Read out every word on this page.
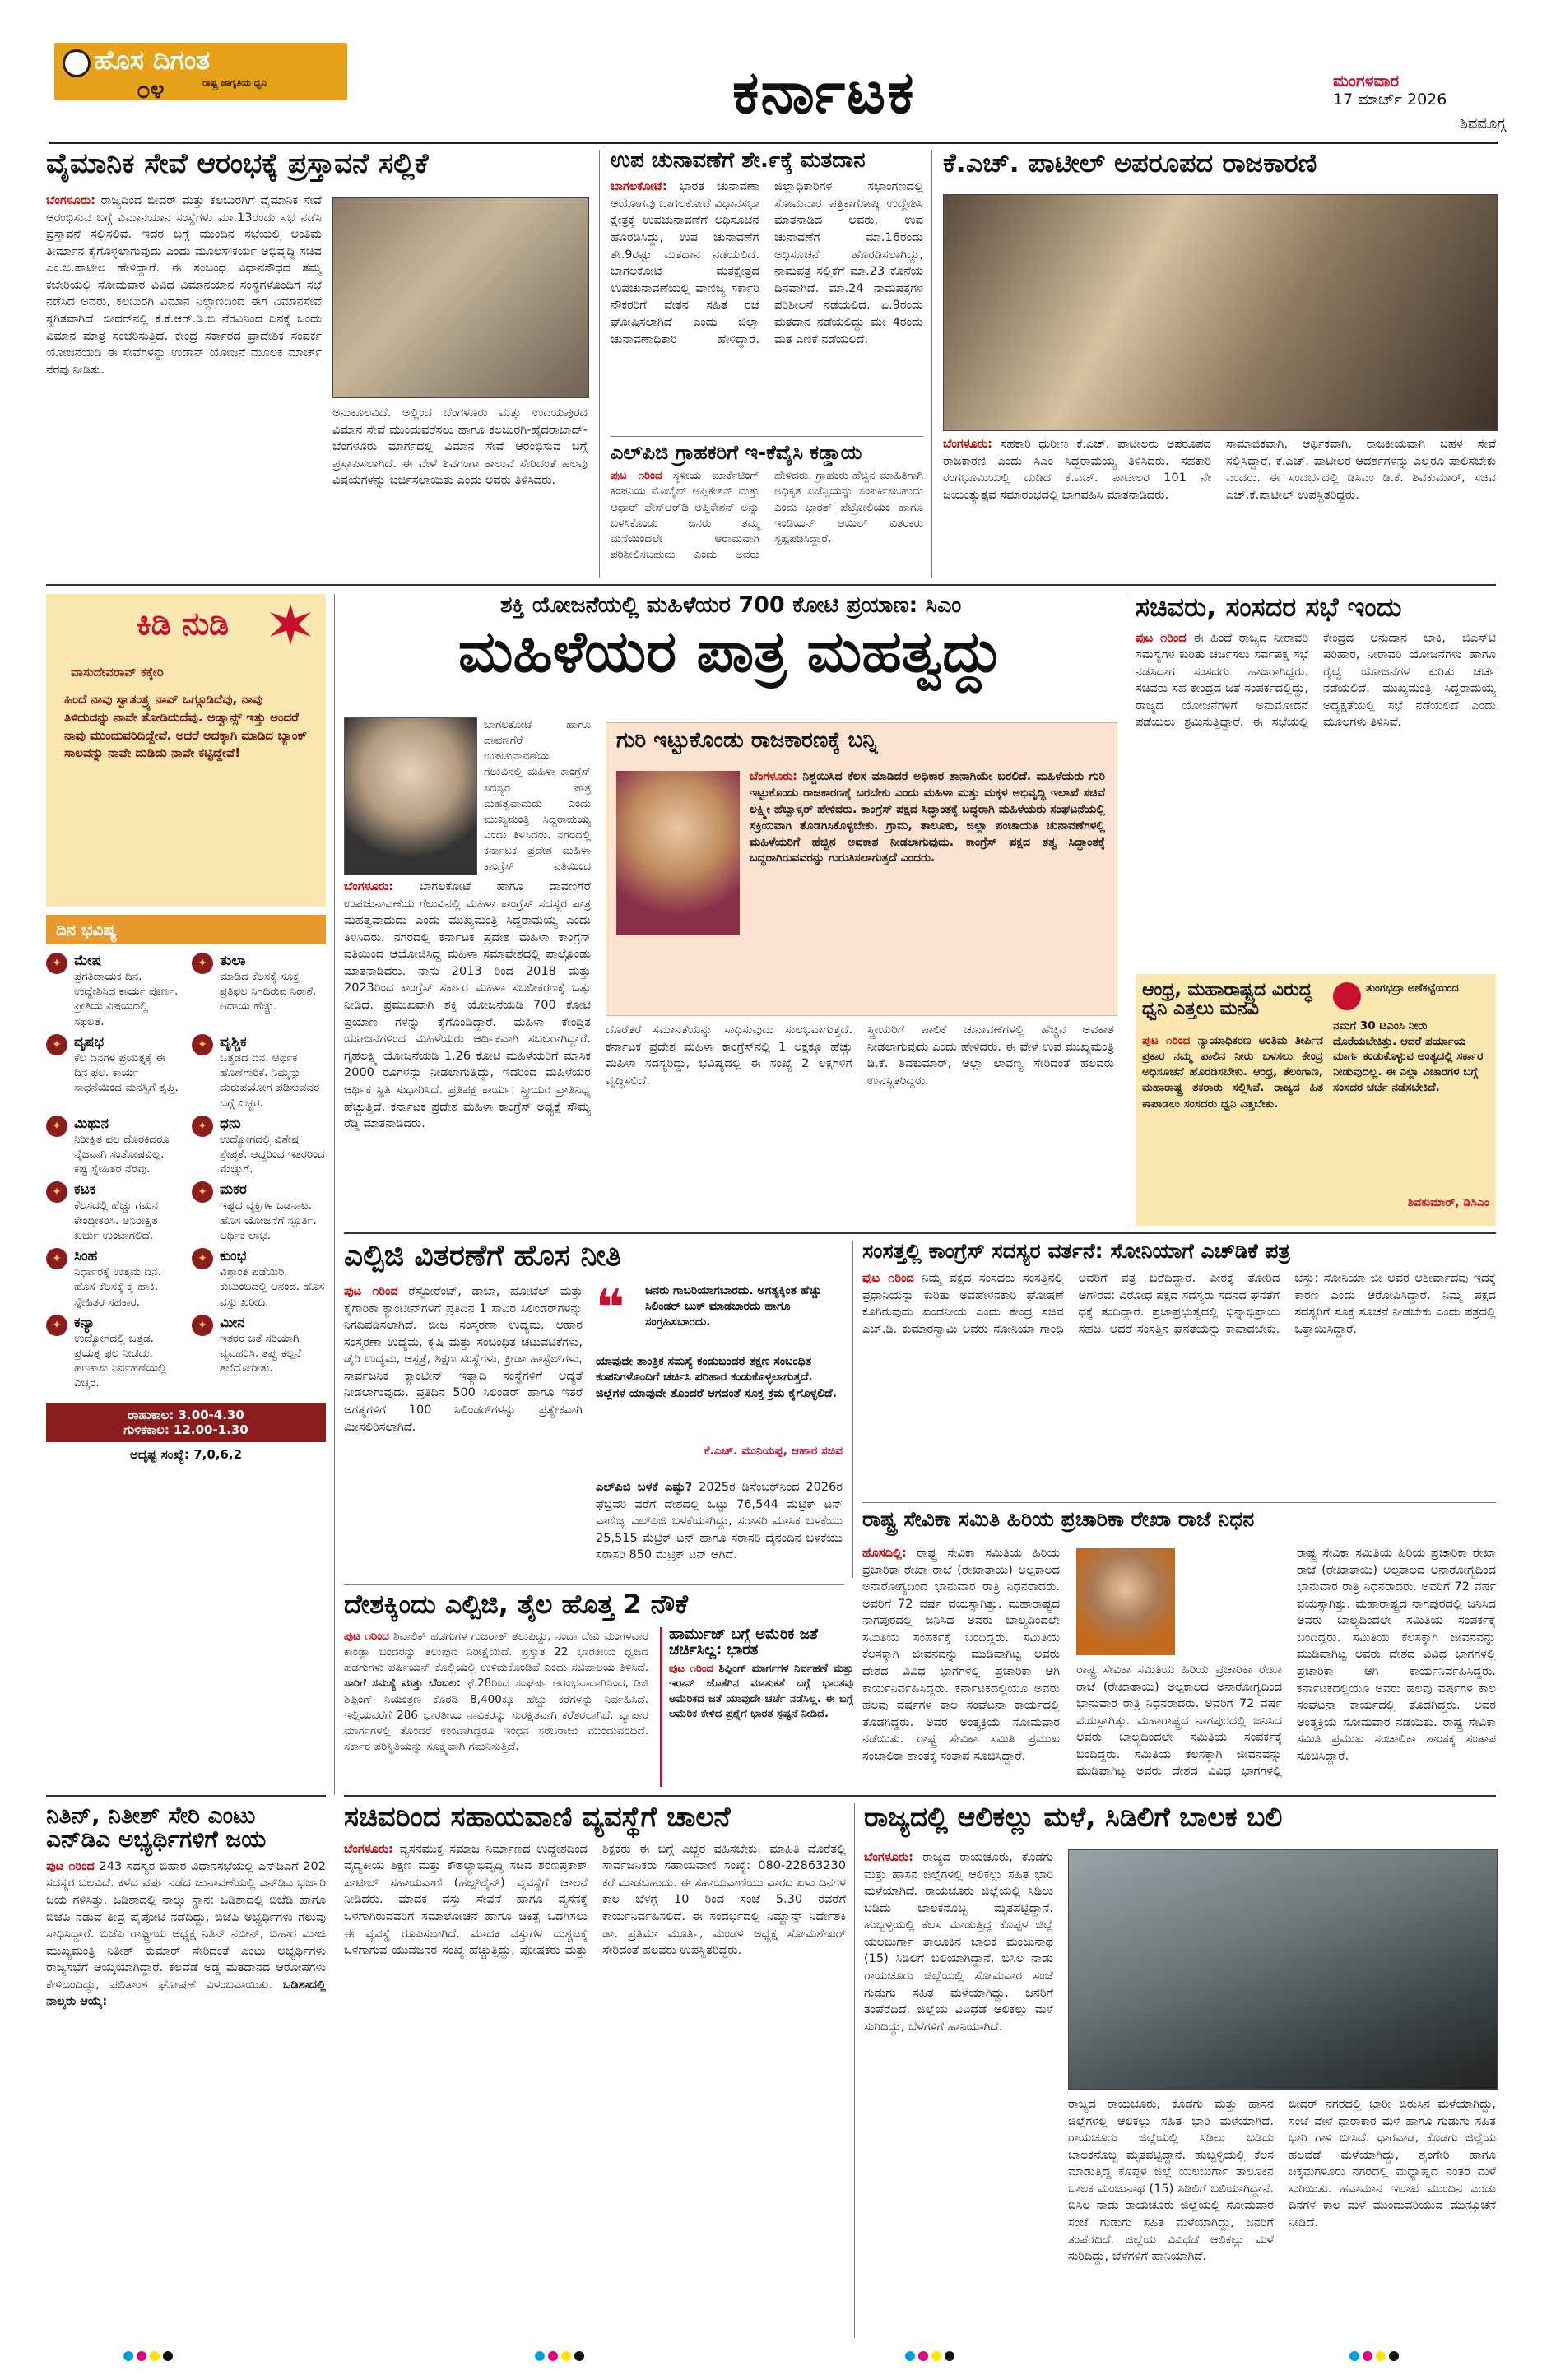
ಹೊಸ ದಿಗಂತ
ರಾಷ್ಟ್ರ ಜಾಗೃತಿಯ ಧ್ವನಿ
೦೪	ಕರ್ನಾಟಕ	ಮಂಗಳವಾರ
17 ಮಾರ್ಚ್ 2026
ಶಿವಮೊಗ್ಗ
ವೈಮಾನಿಕ ಸೇವೆ ಆರಂಭಕ್ಕೆ ಪ್ರಸ್ತಾವನೆ ಸಲ್ಲಿಕೆ
ಬೆಂಗಳೂರು: ರಾಜ್ಯದಿಂದ ಬೀದರ್ ಮತ್ತು ಕಲಬುರಗಿಗೆ ವೈಮಾನಿಕ ಸೇವೆ ಆರಂಭಿಸುವ ಬಗ್ಗೆ ವಿಮಾನಯಾನ ಸಂಸ್ಥೆಗಳು ಮಾ.13ರಂದು ಸಭೆ ನಡೆಸಿ ಪ್ರಸ್ತಾವನೆ ಸಲ್ಲಿಸಲಿವೆ. ಇದರ ಬಗ್ಗೆ ಮುಂದಿನ ಸಭೆಯಲ್ಲಿ ಅಂತಿಮ ತೀರ್ಮಾನ ಕೈಗೊಳ್ಳಲಾಗುವುದು ಎಂದು ಮೂಲಸೌಕರ್ಯ ಅಭಿವೃದ್ಧಿ ಸಚಿವ ಎಂ.ಬಿ.ಪಾಟೀಲ ಹೇಳಿದ್ದಾರೆ. ಈ ಸಂಬಂಧ ವಿಧಾನಸೌಧದ ತಮ್ಮ ಕಚೇರಿಯಲ್ಲಿ ಸೋಮವಾರ ವಿವಿಧ ವಿಮಾನಯಾನ ಸಂಸ್ಥೆಗಳೊಂದಿಗೆ ಸಭೆ ನಡೆಸಿದ ಅವರು, ಕಲಬುರಗಿ ವಿಮಾನ ನಿಲ್ದಾಣದಿಂದ ಈಗ ವಿಮಾನಸೇವೆ ಸ್ಥಗಿತವಾಗಿದೆ. ಬೀದರ್‌ನಲ್ಲಿ ಕೆ.ಕೆ.ಆರ್.ಡಿ.ಬಿ ನೆರವಿನಿಂದ ದಿನಕ್ಕೆ ಒಂದು ವಿಮಾನ ಮಾತ್ರ ಸಂಚರಿಸುತ್ತಿದೆ. ಕೇಂದ್ರ ಸರ್ಕಾರದ ಪ್ರಾದೇಶಿಕ ಸಂಪರ್ಕ ಯೋಜನೆಯಡಿ ಈ ಸೇವೆಗಳನ್ನು ಉಡಾನ್ ಯೋಜನೆ ಮೂಲಕ ಮಾರ್ಚ್ ನೆರವು ನೀಡಿತು.
ಅನುಕೂಲವಿದೆ. ಅಲ್ಲಿಂದ ಬೆಂಗಳೂರು ಮತ್ತು ಉದಯಪುರದ ವಿಮಾನ ಸೇವೆ ಮುಂದುವರೆಸಲು ಹಾಗೂ ಕಲಬುರಗಿ-ಹೈದರಾಬಾದ್-ಬೆಂಗಳೂರು ಮಾರ್ಗದಲ್ಲಿ ವಿಮಾನ ಸೇವೆ ಆರಂಭಿಸುವ ಬಗ್ಗೆ ಪ್ರಸ್ತಾಪಿಸಲಾಗಿದೆ. ಈ ವೇಳೆ ಶಿವಗಂಗಾ ಕಾಲುವೆ ಸೇರಿದಂತೆ ಹಲವು ವಿಷಯಗಳನ್ನು ಚರ್ಚಿಸಲಾಯಿತು ಎಂದು ಅವರು ತಿಳಿಸಿದರು.
ಉಪ ಚುನಾವಣೆಗೆ ಶೇ.೯ಕ್ಕೆ ಮತದಾನ
ಬಾಗಲಕೋಟೆ: ಭಾರತ ಚುನಾವಣಾ ಆಯೋಗವು ಬಾಗಲಕೋಟೆ ವಿಧಾನಸಭಾ ಕ್ಷೇತ್ರಕ್ಕೆ ಉಪಚುನಾವಣೆಗೆ ಅಧಿಸೂಚನೆ ಹೊರಡಿಸಿದ್ದು, ಉಪ ಚುನಾವಣೆಗೆ ಶೇ.9ರಷ್ಟು ಮತದಾನ ನಡೆಯಲಿದೆ. ಬಾಗಲಕೋಟೆ ಮತಕ್ಷೇತ್ರದ ಉಪಚುನಾವಣೆಯಲ್ಲಿ ವಾಣಿಜ್ಯ ಸರ್ಕಾರಿ ನೌಕರರಿಗೆ ವೇತನ ಸಹಿತ ರಜೆ ಘೋಷಿಸಲಾಗಿದೆ ಎಂದು ಜಿಲ್ಲಾ ಚುನಾವಣಾಧಿಕಾರಿ ಹೇಳಿದ್ದಾರೆ. ಜಿಲ್ಲಾಧಿಕಾರಿಗಳ ಸಭಾಂಗಣದಲ್ಲಿ ಸೋಮವಾರ ಪತ್ರಿಕಾಗೋಷ್ಠಿ ಉದ್ದೇಶಿಸಿ ಮಾತನಾಡಿದ ಅವರು, ಉಪ ಚುನಾವಣೆಗೆ ಮಾ.16ರಂದು ಅಧಿಸೂಚನೆ ಹೊರಡಿಸಲಾಗಿದ್ದು, ನಾಮಪತ್ರ ಸಲ್ಲಿಕೆಗೆ ಮಾ.23 ಕೊನೆಯ ದಿನವಾಗಿದೆ. ಮಾ.24 ನಾಮಪತ್ರಗಳ ಪರಿಶೀಲನೆ ನಡೆಯಲಿದೆ. ಏ.9ರಂದು ಮತದಾನ ನಡೆಯಲಿದ್ದು ಮೇ 4ರಂದು ಮತ ಎಣಿಕೆ ನಡೆಯಲಿದೆ.
ಎಲ್‌ಪಿಜಿ ಗ್ರಾಹಕರಿಗೆ ಇ-ಕೆವೈಸಿ ಕಡ್ಡಾಯ
ಪುಟ ೧ರಿಂದ ಸ್ಥಳೀಯ ಮಾರ್ಕೆಟಿಂಗ್ ಕಂಪನಿಯ ಮೊಬೈಲ್ ಆಪ್ಲಿಕೇಶನ್ ಮತ್ತು ಆಧಾರ್ ಫೇಸ್‌ಆರ್‌ಡಿ ಆಪ್ಲಿಕೇಶನ್ ಅನ್ನು ಬಳಸಿಕೊಂಡು ಜನರು ತಮ್ಮ ಮನೆಯಿಂದಲೇ ಆರಾಮವಾಗಿ ಪರಿಶೀಲಿಸಬಹುದು ಎಂದು ಅವರು ಹೇಳಿದರು. ಗ್ರಾಹಕರು ಹೆಚ್ಚಿನ ಮಾಹಿತಿಗಾಗಿ ಅಧಿಕೃತ ಏಜೆನ್ಸಿಯನ್ನು ಸಂಪರ್ಕಿಸಬಹುದು ಎಂದು ಭಾರತ್ ಪೆಟ್ರೋಲಿಯಂ ಹಾಗೂ ಇಂಡಿಯನ್ ಆಯಿಲ್ ವಿತರಕರು ಸ್ಪಷ್ಟಪಡಿಸಿದ್ದಾರೆ.
ಕೆ.ಎಚ್. ಪಾಟೀಲ್ ಅಪರೂಪದ ರಾಜಕಾರಣಿ
ಬೆಂಗಳೂರು: ಸಹಕಾರಿ ಧುರೀಣ ಕೆ.ಎಚ್. ಪಾಟೀಲರು ಅಪರೂಪದ ರಾಜಕಾರಣಿ ಎಂದು ಸಿಎಂ ಸಿದ್ದರಾಮಯ್ಯ ತಿಳಿಸಿದರು. ಸಹಕಾರಿ ರಂಗಭೂಮಿಯಲ್ಲಿ ದುಡಿದ ಕೆ.ಎಚ್. ಪಾಟೀಲರ 101 ನೇ ಜಯಂತ್ಯುತ್ಸವ ಸಮಾರಂಭದಲ್ಲಿ ಭಾಗವಹಿಸಿ ಮಾತನಾಡಿದರು.
ಸಾಮಾಜಿಕವಾಗಿ, ಆರ್ಥಿಕವಾಗಿ, ರಾಜಕೀಯವಾಗಿ ಬಹಳ ಸೇವೆ ಸಲ್ಲಿಸಿದ್ದಾರೆ. ಕೆ.ಎಚ್. ಪಾಟೀಲರ ಆದರ್ಶಗಳನ್ನು ಎಲ್ಲರೂ ಪಾಲಿಸಬೇಕು ಎಂದರು. ಈ ಸಂದರ್ಭದಲ್ಲಿ ಡಿಸಿಎಂ ಡಿ.ಕೆ. ಶಿವಕುಮಾರ್, ಸಚಿವ ಎಚ್.ಕೆ.ಪಾಟೀಲ್ ಉಪಸ್ಥಿತರಿದ್ದರು.
ಕಿಡಿ ನುಡಿ
ವಾಸುದೇವರಾವ್ ಕಕ್ಕೇರಿ
ಹಿಂದೆ ನಾವು ಸ್ವಾತಂತ್ರ್ಯ ನಾವ್ ಒಗ್ಗೂಡಿದೆವು, ನಾವು ತಿಳಿದುದನ್ನು ನಾವೇ ತೋಡಿದುದೆವು. ಅಡ್ವಾನ್ಸ್ ಇತ್ತು ಅಂದರೆ ನಾವು ಮುಂದುವರಿದಿದ್ದೇವೆ. ಅದರೆ ಅದಕ್ಕಾಗಿ ಮಾಡಿದ ಬ್ಯಾಂಕ್ ಸಾಲವನ್ನು ನಾವೇ ದುಡಿದು ನಾವೇ ಕಟ್ಟಿದ್ದೇವೆ!
ದಿನ ಭವಿಷ್ಯ
✦ ಮೇಷ
ಪ್ರಗತಿದಾಯಕ ದಿನ. ಉದ್ದೇಶಿಸಿದ ಕಾರ್ಯ ಪೂರ್ಣ. ಪ್ರೀತಿಯ ವಿಷಯದಲ್ಲಿ ಸಫಲತೆ.
✦ ತುಲಾ
ಮಾಡಿದ ಕೆಲಸಕ್ಕೆ ಸೂಕ್ತ ಪ್ರತಿಫಲ ಸಿಗದಿರುವ ನಿರಾಶೆ. ಆದಾಯ ಹೆಚ್ಚು.
✦ ವೃಷಭ
ಕೆಲ ದಿನಗಳ ಪ್ರಯತ್ನಕ್ಕೆ ಈ ದಿನ ಫಲ. ಕಾರ್ಯ ಸಾಧನೆಯಿಂದ ಮನಸ್ಸಿಗೆ ತೃಪ್ತಿ.
✦ ವೃಶ್ಚಿಕ
ಒತ್ತಡದ ದಿನ. ಆರ್ಥಿಕ ಹೊಣೆಗಾರಿಕೆ. ನಿಮ್ಮನ್ನು ದುರುಪಯೋಗ ಪಡಿಸುವವರ ಬಗ್ಗೆ ಎಚ್ಚರ.
✦ ಮಿಥುನ
ನಿರೀಕ್ಷಿತ ಫಲ ದೊರಕಿದರೂ ನೈಜವಾಗಿ ಸಂತೋಷವಿಲ್ಲ. ಕಷ್ಟ ಸ್ನೇಹಿತರ ನೆರವು.
✦ ಧನು
ಉದ್ಯೋಗದಲ್ಲಿ ವಿಶೇಷ ಶ್ರೇಷ್ಠತೆ. ಆದ್ದರಿಂದ ಇತರರಿಂದ ಮೆಚ್ಚುಗೆ.
✦ ಕಟಕ
ಕೆಲಸದಲ್ಲಿ ಹೆಚ್ಚು ಗಮನ ಕೇಂದ್ರೀಕರಿಸಿ. ಅನಿರೀಕ್ಷಿತ ಖರ್ಚು ಉಂಟಾಗಲಿದೆ.
✦ ಮಕರ
ಇಷ್ಟದ ವ್ಯಕ್ತಿಗಳ ಒಡನಾಟ. ಹೊಸ ಯೋಜನೆಗೆ ಸ್ಫೂರ್ತಿ. ಆರ್ಥಿಕ ಲಾಭ.
✦ ಸಿಂಹ
ನಿರ್ಧಾರಕ್ಕೆ ಉತ್ತಮ ದಿನ. ಹೊಸ ಕೆಲಸಕ್ಕೆ ಕೈ ಹಾಕಿ. ಸ್ನೇಹಿತರ ಸಹಕಾರ.
✦ ಕುಂಭ
ವಿಶ್ರಾಂತಿ ಪಡೆಯಿರಿ. ಕುಟುಂಬದಲ್ಲಿ ಆನಂದ. ಹೊಸ ವಸ್ತು ಖರೀದಿ.
✦ ಕನ್ಯಾ
ಉದ್ಯೋಗದಲ್ಲಿ ಒತ್ತಡ. ಪ್ರಯತ್ನ ಫಲ ನೀಡದು. ಹಣಕಾಸು ನಿರ್ವಹಣೆಯಲ್ಲಿ ಎಚ್ಚರ.
✦ ಮೀನ
ಇತರರ ಜತೆ ಸರಿಯಾಗಿ ವ್ಯವಹರಿಸಿ. ತಪ್ಪು ಕಲ್ಪನೆ ತಲೆದೋರೀತು.
ರಾಹುಕಾಲ: 3.00-4.30
ಗುಳಿಕಕಾಲ: 12.00-1.30
ಅದೃಷ್ಟ ಸಂಖ್ಯೆ: 7,0,6,2
ಶಕ್ತಿ ಯೋಜನೆಯಲ್ಲಿ ಮಹಿಳೆಯರ 700 ಕೋಟಿ ಪ್ರಯಾಣ: ಸಿಎಂ
ಮಹಿಳೆಯರ ಪಾತ್ರ ಮಹತ್ವದ್ದು
ಬೆಂಗಳೂರು: ಬಾಗಲಕೋಟೆ ಹಾಗೂ ದಾವಣಗೆರೆ ಉಪಚುನಾವಣೆಯ ಗೆಲುವಿನಲ್ಲಿ ಮಹಿಳಾ ಕಾಂಗ್ರೆಸ್ ಸದಸ್ಯರ ಪಾತ್ರ ಮಹತ್ವವಾದುದು ಎಂದು ಮುಖ್ಯಮಂತ್ರಿ ಸಿದ್ದರಾಮಯ್ಯ ಎಂದು ತಿಳಿಸಿದರು. ನಗರದಲ್ಲಿ ಕರ್ನಾಟಕ ಪ್ರದೇಶ ಮಹಿಳಾ ಕಾಂಗ್ರೆಸ್ ವತಿಯಿಂದ ಆಯೋಜಿಸಿದ್ದ ಮಹಿಳಾ ಸಮಾವೇಶದಲ್ಲಿ ಪಾಲ್ಗೊಂಡು ಮಾತನಾಡಿದರು. ನಾನು 2013 ರಿಂದ 2018 ಮತ್ತು 2023ರಿಂದ ಕಾಂಗ್ರೆಸ್ ಸರ್ಕಾರ ಮಹಿಳಾ ಸಬಲೀಕರಣಕ್ಕೆ ಒತ್ತು ನೀಡಿದೆ. ಪ್ರಮುಖವಾಗಿ ಶಕ್ತಿ ಯೋಜನೆಯಡಿ 700 ಕೋಟಿ ಪ್ರಯಾಣ ಗಳನ್ನು ಕೈಗೊಂಡಿದ್ದಾರೆ. ಮಹಿಳಾ ಕೇಂದ್ರಿತ ಯೋಜನೆಗಳಿಂದ ಮಹಿಳೆಯರು ಆರ್ಥಿಕವಾಗಿ ಸಬಲರಾಗಿದ್ದಾರೆ. ಗೃಹಲಕ್ಷ್ಮಿ ಯೋಜನೆಯಡಿ 1.26 ಕೋಟಿ ಮಹಿಳೆಯರಿಗೆ ಮಾಸಿಕ 2000 ರೂಗಳನ್ನು ನೀಡಲಾಗುತ್ತಿದ್ದು, ಇದರಿಂದ ಮಹಿಳೆಯರ ಆರ್ಥಿಕ ಸ್ಥಿತಿ ಸುಧಾರಿಸಿದೆ. ಪ್ರತಿಪಕ್ಷ ಕಾರ್ಯ: ಸ್ತ್ರೀಯರ ಪ್ರಾತಿನಿಧ್ಯ ಹೆಚ್ಚುತ್ತಿದೆ. ಕರ್ನಾಟಕ ಪ್ರದೇಶ ಮಹಿಳಾ ಕಾಂಗ್ರೆಸ್ ಅಧ್ಯಕ್ಷೆ ಸೌಮ್ಯ ರೆಡ್ಡಿ ಮಾತನಾಡಿದರು.
ಬಾಗಲಕೋಟೆ ಹಾಗೂ ದಾವಣಗೆರೆ ಉಪಚುನಾವಣೆಯ ಗೆಲುವಿನಲ್ಲಿ ಮಹಿಳಾ ಕಾಂಗ್ರೆಸ್ ಸದಸ್ಯರ ಪಾತ್ರ ಮಹತ್ವವಾದುದು ಎಂದು ಮುಖ್ಯಮಂತ್ರಿ ಸಿದ್ದರಾಮಯ್ಯ ಎಂದು ತಿಳಿಸಿದರು. ನಗರದಲ್ಲಿ ಕರ್ನಾಟಕ ಪ್ರದೇಶ ಮಹಿಳಾ ಕಾಂಗ್ರೆಸ್ ವತಿಯಿಂದ
ಗುರಿ ಇಟ್ಟುಕೊಂಡು ರಾಜಕಾರಣಕ್ಕೆ ಬನ್ನಿ
ಬೆಂಗಳೂರು: ನಿಶ್ಚಯಿಸಿದ ಕೆಲಸ ಮಾಡಿದರೆ ಅಧಿಕಾರ ತಾನಾಗಿಯೇ ಬರಲಿದೆ. ಮಹಿಳೆಯರು ಗುರಿ ಇಟ್ಟುಕೊಂಡು ರಾಜಕಾರಣಕ್ಕೆ ಬರಬೇಕು ಎಂದು ಮಹಿಳಾ ಮತ್ತು ಮಕ್ಕಳ ಅಭಿವೃದ್ಧಿ ಇಲಾಖೆ ಸಚಿವೆ ಲಕ್ಷ್ಮೀ ಹೆಬ್ಬಾಳ್ಕರ್ ಹೇಳಿದರು. ಕಾಂಗ್ರೆಸ್ ಪಕ್ಷದ ಸಿದ್ಧಾಂತಕ್ಕೆ ಬದ್ಧರಾಗಿ ಮಹಿಳೆಯರು ಸಂಘಟನೆಯಲ್ಲಿ ಸಕ್ರಿಯವಾಗಿ ತೊಡಗಿಸಿಕೊಳ್ಳಬೇಕು. ಗ್ರಾಮ, ತಾಲೂಕು, ಜಿಲ್ಲಾ ಪಂಚಾಯತಿ ಚುನಾವಣೆಗಳಲ್ಲಿ ಮಹಿಳೆಯರಿಗೆ ಹೆಚ್ಚಿನ ಅವಕಾಶ ನೀಡಲಾಗುವುದು. ಕಾಂಗ್ರೆಸ್ ಪಕ್ಷದ ತತ್ವ ಸಿದ್ಧಾಂತಕ್ಕೆ ಬದ್ಧರಾಗಿರುವವರನ್ನು ಗುರುತಿಸಲಾಗುತ್ತದೆ ಎಂದರು.
ದೊರೆತರೆ ಸಮಾನತೆಯನ್ನು ಸಾಧಿಸುವುದು ಸುಲಭವಾಗುತ್ತದೆ. ಕರ್ನಾಟಕ ಪ್ರದೇಶ ಮಹಿಳಾ ಕಾಂಗ್ರೆಸ್‌ನಲ್ಲಿ 1 ಲಕ್ಷಕ್ಕೂ ಹೆಚ್ಚು ಮಹಿಳಾ ಸದಸ್ಯರಿದ್ದು, ಭವಿಷ್ಯದಲ್ಲಿ ಈ ಸಂಖ್ಯೆ 2 ಲಕ್ಷಗಳಿಗೆ ವೃದ್ಧಿಸಲಿದೆ.
ಸ್ತ್ರೀಯರಿಗೆ ಪಾಲಿಕೆ ಚುನಾವಣೆಗಳಲ್ಲಿ ಹೆಚ್ಚಿನ ಅವಕಾಶ ನೀಡಲಾಗುವುದು ಎಂದು ಹೇಳಿದರು. ಈ ವೇಳೆ ಉಪ ಮುಖ್ಯಮಂತ್ರಿ ಡಿ.ಕೆ. ಶಿವಕುಮಾರ್, ಅಲ್ಲಾ ಲಾವಣ್ಯ ಸೇರಿದಂತೆ ಹಲವರು ಉಪಸ್ಥಿತರಿದ್ದರು.
ಸಚಿವರು, ಸಂಸದರ ಸಭೆ ಇಂದು
ಪುಟ ೧ರಿಂದ ಈ ಹಿಂದೆ ರಾಜ್ಯದ ನೀರಾವರಿ ಸಮಸ್ಯೆಗಳ ಕುರಿತು ಚರ್ಚಿಸಲು ಸರ್ವಪಕ್ಷ ಸಭೆ ನಡೆಸಿದಾಗ ಸಂಸದರು ಹಾಜರಾಗಿದ್ದರು. ಸಚಿವರು ಸಹ ಕೇಂದ್ರದ ಜತೆ ಸಂಪರ್ಕದಲ್ಲಿದ್ದು, ರಾಜ್ಯದ ಯೋಜನೆಗಳಿಗೆ ಅನುಮೋದನೆ ಪಡೆಯಲು ಶ್ರಮಿಸುತ್ತಿದ್ದಾರೆ. ಈ ಸಭೆಯಲ್ಲಿ ಕೇಂದ್ರದ ಅನುದಾನ ಬಾಕಿ, ಜಿಎಸ್‌ಟಿ ಪರಿಹಾರ, ನೀರಾವರಿ ಯೋಜನೆಗಳು ಹಾಗೂ ರೈಲ್ವೆ ಯೋಜನೆಗಳ ಕುರಿತು ಚರ್ಚೆ ನಡೆಯಲಿದೆ. ಮುಖ್ಯಮಂತ್ರಿ ಸಿದ್ದರಾಮಯ್ಯ ಅಧ್ಯಕ್ಷತೆಯಲ್ಲಿ ಸಭೆ ನಡೆಯಲಿದೆ ಎಂದು ಮೂಲಗಳು ತಿಳಿಸಿವೆ.
ಆಂಧ್ರ, ಮಹಾರಾಷ್ಟ್ರದ ವಿರುದ್ಧ ಧ್ವನಿ ಎತ್ತಲು ಮನವಿ
ಪುಟ ೧ರಿಂದ ನ್ಯಾಯಾಧಿಕರಣ ಅಂತಿಮ ತೀರ್ಪಿನ ಪ್ರಕಾರ ನಮ್ಮ ಪಾಲಿನ ನೀರು ಬಳಸಲು ಕೇಂದ್ರ ಅಧಿಸೂಚನೆ ಹೊರಡಿಸಬೇಕು. ಆಂಧ್ರ, ತೆಲಂಗಾಣ, ಮಹಾರಾಷ್ಟ್ರ ತಕರಾರು ಸಲ್ಲಿಸಿವೆ. ರಾಜ್ಯದ ಹಿತ ಕಾಪಾಡಲು ಸಂಸದರು ಧ್ವನಿ ಎತ್ತಬೇಕು.
ತುಂಗಭದ್ರಾ ಅಣೆಕಟ್ಟೆಯಿಂದ
ನಮಗೆ 30 ಟಿಎಂಸಿ ನೀರು ದೊರೆಯಬೇಕಿತ್ತು. ಆದರೆ ಪರ್ಯಾಯ ಮಾರ್ಗ ಕಂಡುಕೊಳ್ಳುವ ಅಂತ್ಯದಲ್ಲಿ ಸರ್ಕಾರ ನೀಡುವುದಿಲ್ಲ. ಈ ಎಲ್ಲಾ ವಿಚಾರಗಳ ಬಗ್ಗೆ ಸಂಸದರ ಚರ್ಚೆ ನಡೆಸಬೇಕಿದೆ.
ಶಿವಕುಮಾರ್, ಡಿಸಿಎಂ
ಎಲ್ಪಿಜಿ ವಿತರಣೆಗೆ ಹೊಸ ನೀತಿ
ಪುಟ ೧ರಿಂದ ರೆಸ್ಟೋರೆಂಟ್, ಡಾಬಾ, ಹೋಟೆಲ್ ಮತ್ತು ಕೈಗಾರಿಕಾ ಕ್ಯಾಂಟೀನ್‌ಗಳಿಗೆ ಪ್ರತಿದಿನ 1 ಸಾವಿರ ಸಿಲಿಂಡರ್‌ಗಳನ್ನು ನಿಗದಿಪಡಿಸಲಾಗಿದೆ. ಬೀಜ ಸಂಸ್ಕರಣಾ ಉದ್ಯಮ, ಆಹಾರ ಸಂಸ್ಕರಣಾ ಉದ್ಯಮ, ಕೃಷಿ ಮತ್ತು ಸಂಬಂಧಿತ ಚಟುವಟಿಕೆಗಳು, ಡೈರಿ ಉದ್ಯಮ, ಆಸ್ಪತ್ರೆ, ಶಿಕ್ಷಣ ಸಂಸ್ಥೆಗಳು, ಕ್ರೀಡಾ ಹಾಸ್ಟೆಲ್‌ಗಳು, ಸಾರ್ವಜನಿಕ ಕ್ಯಾಂಟೀನ್ ಇತ್ಯಾದಿ ಸಂಸ್ಥೆಗಳಿಗೆ ಆದ್ಯತೆ ನೀಡಲಾಗುವುದು. ಪ್ರತಿದಿನ 500 ಸಿಲಿಂಡರ್ ಹಾಗೂ ಇತರೆ ಅಗತ್ಯಗಳಿಗೆ 100 ಸಿಲಿಂಡರ್‌ಗಳನ್ನು ಪ್ರತ್ಯೇಕವಾಗಿ ಮೀಸಲಿರಿಸಲಾಗಿದೆ.
❝ ಜನರು ಗಾಬರಿಯಾಗಬಾರದು. ಅಗತ್ಯಕ್ಕಿಂತ ಹೆಚ್ಚು ಸಿಲಿಂಡರ್ ಬುಕ್ ಮಾಡಬಾರದು ಹಾಗೂ ಸಂಗ್ರಹಿಸಬಾರದು.
ಯಾವುದೇ ತಾಂತ್ರಿಕ ಸಮಸ್ಯೆ ಕಂಡುಬಂದರೆ ತಕ್ಷಣ ಸಂಬಂಧಿತ ಕಂಪನಿಗಳೊಂದಿಗೆ ಚರ್ಚಿಸಿ ಪರಿಹಾರ ಕಂಡುಕೊಳ್ಳಲಾಗುತ್ತದೆ. ಜಿಲ್ಲೆಗಳ ಯಾವುದೇ ತೊಂದರೆ ಆಗದಂತೆ ಸೂಕ್ತ ಕ್ರಮ ಕೈಗೊಳ್ಳಲಿದೆ.
ಕೆ.ಎಚ್. ಮುನಿಯಪ್ಪ, ಆಹಾರ ಸಚಿವ
ಎಲ್‌ಪಿಜಿ ಬಳಕೆ ಎಷ್ಟು? 2025ರ ಡಿಸೆಂಬರ್‌ನಿಂದ 2026ರ ಫೆಬ್ರವರಿ ವರೆಗೆ ದೇಶದಲ್ಲಿ ಒಟ್ಟು 76,544 ಮೆಟ್ರಿಕ್ ಟನ್ ವಾಣಿಜ್ಯ ಎಲ್‌ಪಿಜಿ ಬಳಕೆಯಾಗಿದ್ದು, ಸರಾಸರಿ ಮಾಸಿಕ ಬಳಕೆಯು 25,515 ಮೆಟ್ರಿಕ್ ಟನ್ ಹಾಗೂ ಸರಾಸರಿ ದೈನಂದಿನ ಬಳಕೆಯು ಸರಾಸರಿ 850 ಮೆಟ್ರಿಕ್ ಟನ್ ಆಗಿದೆ.
ಸಂಸತ್ತಲ್ಲಿ ಕಾಂಗ್ರೆಸ್ ಸದಸ್ಯರ ವರ್ತನೆ: ಸೋನಿಯಾಗೆ ಎಚ್‌ಡಿಕೆ ಪತ್ರ
ಪುಟ ೧ರಿಂದ ನಿಮ್ಮ ಪಕ್ಷದ ಸಂಸದರು ಸಂಸತ್ತಿನಲ್ಲಿ ಪ್ರಧಾನಿಯನ್ನು ಕುರಿತು ಅವಹೇಳನಕಾರಿ ಘೋಷಣೆ ಕೂಗಿರುವುದು ಖಂಡನೀಯ ಎಂದು ಕೇಂದ್ರ ಸಚಿವ ಎಚ್.ಡಿ. ಕುಮಾರಸ್ವಾಮಿ ಅವರು ಸೋನಿಯಾ ಗಾಂಧಿ ಅವರಿಗೆ ಪತ್ರ ಬರೆದಿದ್ದಾರೆ. ಪೀಠಕ್ಕೆ ತೋರಿದ ಅಗೌರವ: ವಿರೋಧ ಪಕ್ಷದ ಸದಸ್ಯರು ಸದನದ ಘನತೆಗೆ ಧಕ್ಕೆ ತಂದಿದ್ದಾರೆ. ಪ್ರಜಾಪ್ರಭುತ್ವದಲ್ಲಿ ಭಿನ್ನಾಭಿಪ್ರಾಯ ಸಹಜ. ಆದರೆ ಸಂಸತ್ತಿನ ಘನತೆಯನ್ನು ಕಾಪಾಡಬೇಕು. ಬೆಸ್ತು: ಸೋನಿಯಾ ಜೀ ಅವರ ಆಶೀರ್ವಾದವು ಇದಕ್ಕೆ ಕಾರಣ ಎಂದು ಆರೋಪಿಸಿದ್ದಾರೆ. ನಿಮ್ಮ ಪಕ್ಷದ ಸದಸ್ಯರಿಗೆ ಸೂಕ್ತ ಸೂಚನೆ ನೀಡಬೇಕು ಎಂದು ಪತ್ರದಲ್ಲಿ ಒತ್ತಾಯಿಸಿದ್ದಾರೆ.
ರಾಷ್ಟ್ರ ಸೇವಿಕಾ ಸಮಿತಿ ಹಿರಿಯ ಪ್ರಚಾರಿಕಾ ರೇಖಾ ರಾಜೆ ನಿಧನ
ಹೊಸದಿಲ್ಲಿ: ರಾಷ್ಟ್ರ ಸೇವಿಕಾ ಸಮಿತಿಯ ಹಿರಿಯ ಪ್ರಚಾರಿಕಾ ರೇಖಾ ರಾಜೆ (ರೇಖಾತಾಯಿ) ಅಲ್ಪಕಾಲದ ಅನಾರೋಗ್ಯದಿಂದ ಭಾನುವಾರ ರಾತ್ರಿ ನಿಧನರಾದರು. ಅವರಿಗೆ 72 ವರ್ಷ ವಯಸ್ಸಾಗಿತ್ತು. ಮಹಾರಾಷ್ಟ್ರದ ನಾಗಪುರದಲ್ಲಿ ಜನಿಸಿದ ಅವರು ಬಾಲ್ಯದಿಂದಲೇ ಸಮಿತಿಯ ಸಂಪರ್ಕಕ್ಕೆ ಬಂದಿದ್ದರು. ಸಮಿತಿಯ ಕೆಲಸಕ್ಕಾಗಿ ಜೀವನವನ್ನು ಮುಡಿಪಾಗಿಟ್ಟ ಅವರು ದೇಶದ ವಿವಿಧ ಭಾಗಗಳಲ್ಲಿ ಪ್ರಚಾರಿಕಾ ಆಗಿ ಕಾರ್ಯನಿರ್ವಹಿಸಿದ್ದರು. ಕರ್ನಾಟಕದಲ್ಲಿಯೂ ಅವರು ಹಲವು ವರ್ಷಗಳ ಕಾಲ ಸಂಘಟನಾ ಕಾರ್ಯದಲ್ಲಿ ತೊಡಗಿದ್ದರು. ಅವರ ಅಂತ್ಯಕ್ರಿಯೆ ಸೋಮವಾರ ನಡೆಯಿತು. ರಾಷ್ಟ್ರ ಸೇವಿಕಾ ಸಮಿತಿ ಪ್ರಮುಖ ಸಂಚಾಲಿಕಾ ಶಾಂತಕ್ಕ ಸಂತಾಪ ಸೂಚಿಸಿದ್ದಾರೆ.
ರಾಷ್ಟ್ರ ಸೇವಿಕಾ ಸಮಿತಿಯ ಹಿರಿಯ ಪ್ರಚಾರಿಕಾ ರೇಖಾ ರಾಜೆ (ರೇಖಾತಾಯಿ) ಅಲ್ಪಕಾಲದ ಅನಾರೋಗ್ಯದಿಂದ ಭಾನುವಾರ ರಾತ್ರಿ ನಿಧನರಾದರು. ಅವರಿಗೆ 72 ವರ್ಷ ವಯಸ್ಸಾಗಿತ್ತು. ಮಹಾರಾಷ್ಟ್ರದ ನಾಗಪುರದಲ್ಲಿ ಜನಿಸಿದ ಅವರು ಬಾಲ್ಯದಿಂದಲೇ ಸಮಿತಿಯ ಸಂಪರ್ಕಕ್ಕೆ ಬಂದಿದ್ದರು. ಸಮಿತಿಯ ಕೆಲಸಕ್ಕಾಗಿ ಜೀವನವನ್ನು ಮುಡಿಪಾಗಿಟ್ಟ ಅವರು ದೇಶದ ವಿವಿಧ ಭಾಗಗಳಲ್ಲಿ
ರಾಷ್ಟ್ರ ಸೇವಿಕಾ ಸಮಿತಿಯ ಹಿರಿಯ ಪ್ರಚಾರಿಕಾ ರೇಖಾ ರಾಜೆ (ರೇಖಾತಾಯಿ) ಅಲ್ಪಕಾಲದ ಅನಾರೋಗ್ಯದಿಂದ ಭಾನುವಾರ ರಾತ್ರಿ ನಿಧನರಾದರು. ಅವರಿಗೆ 72 ವರ್ಷ ವಯಸ್ಸಾಗಿತ್ತು. ಮಹಾರಾಷ್ಟ್ರದ ನಾಗಪುರದಲ್ಲಿ ಜನಿಸಿದ ಅವರು ಬಾಲ್ಯದಿಂದಲೇ ಸಮಿತಿಯ ಸಂಪರ್ಕಕ್ಕೆ ಬಂದಿದ್ದರು. ಸಮಿತಿಯ ಕೆಲಸಕ್ಕಾಗಿ ಜೀವನವನ್ನು ಮುಡಿಪಾಗಿಟ್ಟ ಅವರು ದೇಶದ ವಿವಿಧ ಭಾಗಗಳಲ್ಲಿ ಪ್ರಚಾರಿಕಾ ಆಗಿ ಕಾರ್ಯನಿರ್ವಹಿಸಿದ್ದರು. ಕರ್ನಾಟಕದಲ್ಲಿಯೂ ಅವರು ಹಲವು ವರ್ಷಗಳ ಕಾಲ ಸಂಘಟನಾ ಕಾರ್ಯದಲ್ಲಿ ತೊಡಗಿದ್ದರು. ಅವರ ಅಂತ್ಯಕ್ರಿಯೆ ಸೋಮವಾರ ನಡೆಯಿತು. ರಾಷ್ಟ್ರ ಸೇವಿಕಾ ಸಮಿತಿ ಪ್ರಮುಖ ಸಂಚಾಲಿಕಾ ಶಾಂತಕ್ಕ ಸಂತಾಪ ಸೂಚಿಸಿದ್ದಾರೆ.
ದೇಶಕ್ಕಿಂದು ಎಲ್ಪಿಜಿ, ತೈಲ ಹೊತ್ತ 2 ನೌಕೆ
ಪುಟ ೧ರಿಂದ ಶಿವಾಲಿಕ್ ಹಡಗುಗಳ ಗುಜರಾತ್ ತಲುಪಿದ್ದು, ನಂದಾ ದೇವಿ ಮಂಗಳವಾರ ಕಾಂಡ್ಲಾ ಬಂದರನ್ನು ತಲುಪುವ ನಿರೀಕ್ಷೆಯಿದೆ. ಪ್ರಸ್ತುತ 22 ಭಾರತೀಯ ಧ್ವಜದ ಹಡಗುಗಳು ಪರ್ಷಿಯನ್ ಕೊಲ್ಲಿಯಲ್ಲಿ ಉಳಿದುಕೊಂಡಿವೆ ಎಂದು ಸಚಿವಾಲಯ ತಿಳಿಸಿದೆ. ಸಾರಿಗೆ ಸಮಸ್ಯೆ ಮತ್ತು ಬೆಂಬಲ: ಫೆ.28ರಿಂದ ಸಂಘರ್ಷ ಆರಂಭವಾದಾಗಿನಿಂದ, ಡಿಜಿ ಶಿಪ್ಪಿಂಗ್ ನಿಯಂತ್ರಣ ಕೊಠಡಿ 8,400ಕ್ಕೂ ಹೆಚ್ಚು ಕರೆಗಳನ್ನು ನಿರ್ವಹಿಸಿದೆ. ಇಲ್ಲಿಯವರೆಗೆ 286 ಭಾರತೀಯ ನಾವಿಕರನ್ನು ಸುರಕ್ಷಿತವಾಗಿ ಕರೆತರಲಾಗಿದೆ. ವ್ಯಾಪಾರ ಮಾರ್ಗಗಳಲ್ಲಿ ತೊಂದರೆ ಉಂಟಾಗಿದ್ದರೂ ಇಂಧನ ಸರಬರಾಜು ಮುಂದುವರಿದಿದೆ. ಸರ್ಕಾರ ಪರಿಸ್ಥಿತಿಯನ್ನು ಸೂಕ್ಷ್ಮವಾಗಿ ಗಮನಿಸುತ್ತಿದೆ.
ಹಾರ್ಮುಜ್ ಬಗ್ಗೆ ಅಮೆರಿಕ ಜತೆ ಚರ್ಚಿಸಿಲ್ಲ: ಭಾರತ
ಪುಟ ೧ರಿಂದ ಶಿಪ್ಪಿಂಗ್ ಮಾರ್ಗಗಳ ನಿರ್ವಹಣೆ ಮತ್ತು ಇರಾನ್ ಜೊತೆಗಿನ ಮಾತುಕತೆ ಬಗ್ಗೆ ಭಾರತವು ಅಮೆರಿಕದ ಜತೆ ಯಾವುದೇ ಚರ್ಚೆ ನಡೆಸಿಲ್ಲ. ಈ ಬಗ್ಗೆ ಅಮೆರಿಕ ಕೇಳಿದ ಪ್ರಶ್ನೆಗೆ ಭಾರತ ಸ್ಪಷ್ಟನೆ ನೀಡಿದೆ.
ನಿತಿನ್, ನಿತೀಶ್ ಸೇರಿ ಎಂಟು ಎನ್‌ಡಿಎ ಅಭ್ಯರ್ಥಿಗಳಿಗೆ ಜಯ
ಪುಟ ೧ರಿಂದ 243 ಸದಸ್ಯರ ಬಿಹಾರ ವಿಧಾನಸಭೆಯಲ್ಲಿ ಎನ್‌ಡಿಎಗೆ 202 ಸದಸ್ಯರ ಬಲವಿದೆ. ಕಳೆದ ವರ್ಷ ನಡೆದ ಚುನಾವಣೆಯಲ್ಲಿ ಎನ್‌ಡಿಎ ಭರ್ಜರಿ ಜಯ ಗಳಿಸಿತ್ತು. ಒಡಿಶಾದಲ್ಲಿ ನಾಲ್ಕು ಸ್ಥಾನ: ಒಡಿಶಾದಲ್ಲಿ ಬಿಜೆಡಿ ಹಾಗೂ ಬಿಜೆಪಿ ನಡುವೆ ತೀವ್ರ ಪೈಪೋಟಿ ನಡೆದಿದ್ದು, ಬಿಜೆಪಿ ಅಭ್ಯರ್ಥಿಗಳು ಗೆಲುವು ಸಾಧಿಸಿದ್ದಾರೆ. ಬಿಜೆಪಿ ರಾಷ್ಟ್ರೀಯ ಅಧ್ಯಕ್ಷ ನಿತಿನ್ ನಬೀನ್, ಬಿಹಾರ ಮಾಜಿ ಮುಖ್ಯಮಂತ್ರಿ ನಿತೀಶ್ ಕುಮಾರ್ ಸೇರಿದಂತೆ ಎಂಟು ಅಭ್ಯರ್ಥಿಗಳು ರಾಜ್ಯಸಭೆಗೆ ಆಯ್ಕೆಯಾಗಿದ್ದಾರೆ. ಕೆಲವೆಡೆ ಅಡ್ಡ ಮತದಾನದ ಆರೋಪಗಳು ಕೇಳಿಬಂದಿದ್ದು, ಫಲಿತಾಂಶ ಘೋಷಣೆ ವಿಳಂಬವಾಯಿತು. ಒಡಿಶಾದಲ್ಲಿ ನಾಲ್ಕರು ಆಯ್ಕೆ:
ಸಚಿವರಿಂದ ಸಹಾಯವಾಣಿ ವ್ಯವಸ್ಥೆಗೆ ಚಾಲನೆ
ಬೆಂಗಳೂರು: ವ್ಯಸನಮುಕ್ತ ಸಮಾಜ ನಿರ್ಮಾಣದ ಉದ್ದೇಶದಿಂದ ವೈದ್ಯಕೀಯ ಶಿಕ್ಷಣ ಮತ್ತು ಕೌಶಲ್ಯಾಭಿವೃದ್ಧಿ ಸಚಿವ ಶರಣಪ್ರಕಾಶ್ ಪಾಟೀಲ್ ಸಹಾಯವಾಣಿ (ಹೆಲ್ಪ್‌ಲೈನ್) ವ್ಯವಸ್ಥೆಗೆ ಚಾಲನೆ ನೀಡಿದರು. ಮಾದಕ ವಸ್ತು ಸೇವನೆ ಹಾಗೂ ವ್ಯಸನಕ್ಕೆ ಒಳಗಾಗಿರುವವರಿಗೆ ಸಮಾಲೋಚನೆ ಹಾಗೂ ಚಿಕಿತ್ಸೆ ಒದಗಿಸಲು ಈ ವ್ಯವಸ್ಥೆ ರೂಪಿಸಲಾಗಿದೆ. ಮಾದಕ ವಸ್ತುಗಳ ದುಶ್ಚಟಕ್ಕೆ ಒಳಗಾಗುವ ಯುವಜನರ ಸಂಖ್ಯೆ ಹೆಚ್ಚುತ್ತಿದ್ದು, ಪೋಷಕರು ಮತ್ತು ಶಿಕ್ಷಕರು ಈ ಬಗ್ಗೆ ಎಚ್ಚರ ವಹಿಸಬೇಕು. ಮಾಹಿತಿ ದೊರೆತಲ್ಲಿ ಸಾರ್ವಜನಿಕರು ಸಹಾಯವಾಣಿ ಸಂಖ್ಯೆ: 080-22863230 ಕರೆ ಮಾಡಬಹುದು. ಈ ಸಹಾಯವಾಣಿಯು ವಾರದ ಏಳು ದಿನಗಳ ಕಾಲ ಬೆಳಗ್ಗೆ 10 ರಿಂದ ಸಂಜೆ 5.30 ರವರೆಗೆ ಕಾರ್ಯನಿರ್ವಹಿಸಲಿದೆ. ಈ ಸಂದರ್ಭದಲ್ಲಿ ನಿಮ್ಹಾನ್ಸ್ ನಿರ್ದೇಶಕಿ ಡಾ. ಪ್ರತಿಮಾ ಮೂರ್ತಿ, ಮಂಡಳಿ ಅಧ್ಯಕ್ಷ ಸೋಮಶೇಖರ್ ಸೇರಿದಂತೆ ಹಲವರು ಉಪಸ್ಥಿತರಿದ್ದರು.
ರಾಜ್ಯದಲ್ಲಿ ಆಲಿಕಲ್ಲು ಮಳೆ, ಸಿಡಿಲಿಗೆ ಬಾಲಕ ಬಲಿ
ಬೆಂಗಳೂರು: ರಾಜ್ಯದ ರಾಯಚೂರು, ಕೊಡಗು ಮತ್ತು ಹಾಸನ ಜಿಲ್ಲೆಗಳಲ್ಲಿ ಆಲಿಕಲ್ಲು ಸಹಿತ ಭಾರಿ ಮಳೆಯಾಗಿದೆ. ರಾಯಚೂರು ಜಿಲ್ಲೆಯಲ್ಲಿ ಸಿಡಿಲು ಬಡಿದು ಬಾಲಕನೊಬ್ಬ ಮೃತಪಟ್ಟಿದ್ದಾನೆ. ಹುಬ್ಬಳ್ಳಿಯಲ್ಲಿ ಕೆಲಸ ಮಾಡುತ್ತಿದ್ದ ಕೊಪ್ಪಳ ಜಿಲ್ಲೆ ಯಲಬುರ್ಗಾ ತಾಲೂಕಿನ ಬಾಲಕ ಮಂಜುನಾಥ (15) ಸಿಡಿಲಿಗೆ ಬಲಿಯಾಗಿದ್ದಾನೆ. ಬಿಸಿಲ ನಾಡು ರಾಯಚೂರು ಜಿಲ್ಲೆಯಲ್ಲಿ ಸೋಮವಾರ ಸಂಜೆ ಗುಡುಗು ಸಹಿತ ಮಳೆಯಾಗಿದ್ದು, ಜನರಿಗೆ ತಂಪೆರೆದಿದೆ. ಜಿಲ್ಲೆಯ ವಿವಿಧೆಡೆ ಆಲಿಕಲ್ಲು ಮಳೆ ಸುರಿದಿದ್ದು, ಬೆಳೆಗಳಿಗೆ ಹಾನಿಯಾಗಿದೆ.
ರಾಜ್ಯದ ರಾಯಚೂರು, ಕೊಡಗು ಮತ್ತು ಹಾಸನ ಜಿಲ್ಲೆಗಳಲ್ಲಿ ಆಲಿಕಲ್ಲು ಸಹಿತ ಭಾರಿ ಮಳೆಯಾಗಿದೆ. ರಾಯಚೂರು ಜಿಲ್ಲೆಯಲ್ಲಿ ಸಿಡಿಲು ಬಡಿದು ಬಾಲಕನೊಬ್ಬ ಮೃತಪಟ್ಟಿದ್ದಾನೆ. ಹುಬ್ಬಳ್ಳಿಯಲ್ಲಿ ಕೆಲಸ ಮಾಡುತ್ತಿದ್ದ ಕೊಪ್ಪಳ ಜಿಲ್ಲೆ ಯಲಬುರ್ಗಾ ತಾಲೂಕಿನ ಬಾಲಕ ಮಂಜುನಾಥ (15) ಸಿಡಿಲಿಗೆ ಬಲಿಯಾಗಿದ್ದಾನೆ. ಬಿಸಿಲ ನಾಡು ರಾಯಚೂರು ಜಿಲ್ಲೆಯಲ್ಲಿ ಸೋಮವಾರ ಸಂಜೆ ಗುಡುಗು ಸಹಿತ ಮಳೆಯಾಗಿದ್ದು, ಜನರಿಗೆ ತಂಪೆರೆದಿದೆ. ಜಿಲ್ಲೆಯ ವಿವಿಧೆಡೆ ಆಲಿಕಲ್ಲು ಮಳೆ ಸುರಿದಿದ್ದು, ಬೆಳೆಗಳಿಗೆ ಹಾನಿಯಾಗಿದೆ.
ಬೀದರ್ ನಗರದಲ್ಲಿ ಭಾರೀ ಬಿರುಸಿನ ಮಳೆಯಾಗಿದ್ದು, ಸಂಜೆ ವೇಳೆ ಧಾರಾಕಾರ ಮಳೆ ಹಾಗೂ ಗುಡುಗು ಸಹಿತ ಭಾರಿ ಗಾಳಿ ಬೀಸಿದೆ. ಧಾರವಾಡ, ಕೊಡಗು ಜಿಲ್ಲೆಯ ಹಲವೆಡೆ ಮಳೆಯಾಗಿದ್ದು, ಶೃಂಗೇರಿ ಹಾಗೂ ಚಿಕ್ಕಮಗಳೂರು ನಗರದಲ್ಲಿ ಮಧ್ಯಾಹ್ನದ ನಂತರ ಮಳೆ ಸುರಿಯಿತು. ಹವಾಮಾನ ಇಲಾಖೆ ಮುಂದಿನ ಎರಡು ದಿನಗಳ ಕಾಲ ಮಳೆ ಮುಂದುವರಿಯುವ ಮುನ್ಸೂಚನೆ ನೀಡಿದೆ.
